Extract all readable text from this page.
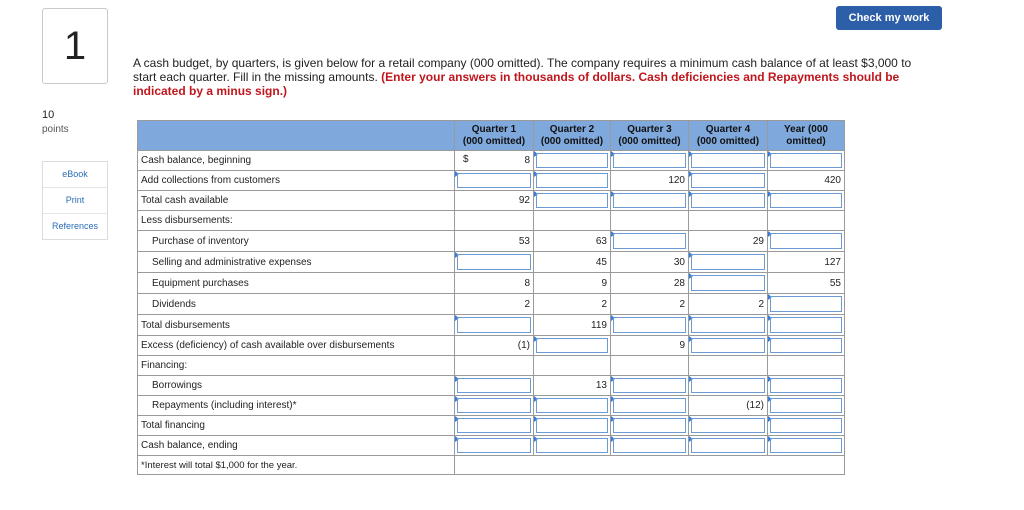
1
10
points
eBook
Print
References
Check my work
A cash budget, by quarters, is given below for a retail company (000 omitted). The company requires a minimum cash balance of at least $3,000 to start each quarter. Fill in the missing amounts. (Enter your answers in thousands of dollars. Cash deficiencies and Repayments should be indicated by a minus sign.)
	Quarter 1
(000 omitted)	Quarter 2
(000 omitted)	Quarter 3
(000 omitted)	Quarter 4
(000 omitted)	Year (000
omitted)
Cash balance, beginning	$ 8	

Add collections from customers			120		420
Total cash available	92	

Less disbursements:					
Purchase of inventory	53	63		29	

Selling and administrative expenses		45	30		127
Equipment purchases	8	9	28		55
Dividends	2	2	2	2	

Total disbursements		119	

Excess (deficiency) of cash available over disbursements	(1)		9	

Financing:					
Borrowings		13	

Repayments (including interest)*				(12)	

Total financing	

Cash balance, ending	

*Interest will total $1,000 for the year.					
